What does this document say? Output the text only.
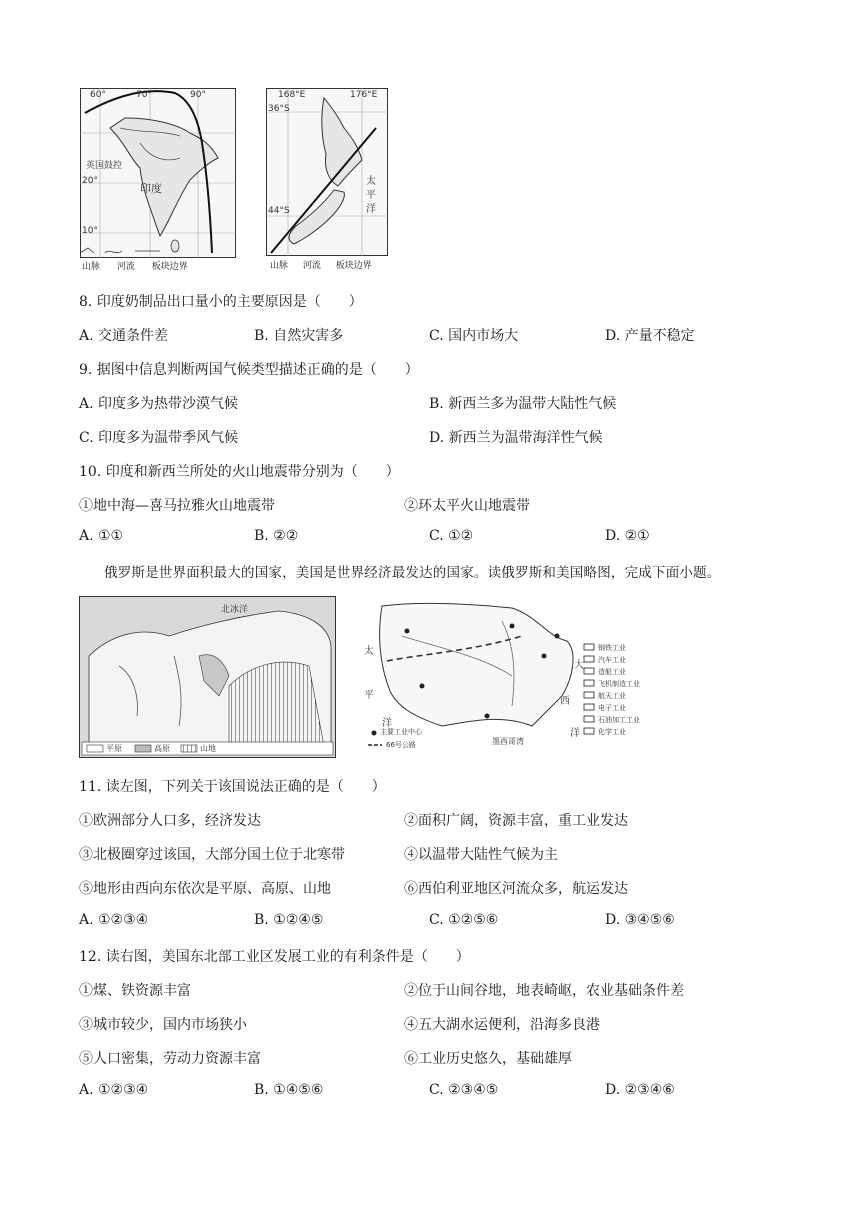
60°	70°	90°
20°
10°
印度
英国鼓控
山脉 河流 板块边界
168°E	176°E
36°S
44°S
太
平
洋
山脉 河流 板块边界
8. 印度奶制品出口量小的主要原因是（　　）
A. 交通条件差	B. 自然灾害多	C. 国内市场大	D. 产量不稳定
9. 据图中信息判断两国气候类型描述正确的是（　　）
A. 印度多为热带沙漠气候	B. 新西兰多为温带大陆性气候
C. 印度多为温带季风气候	D. 新西兰为温带海洋性气候
10. 印度和新西兰所处的火山地震带分别为（　　）
①地中海—喜马拉雅火山地震带	②环太平火山地震带
A. ①①	B. ②②	C. ①②	D. ②①
俄罗斯是世界面积最大的国家，美国是世界经济最发达的国家。读俄罗斯和美国略图，完成下面小题。
北冰洋
平原	高原	山地
太
平
洋
大
西
洋
墨西哥湾
主要工业中心
66号公路
钢铁工业
汽车工业
造船工业
飞机制造工业
航天工业
电子工业
石油加工工业
化学工业
11. 读左图，下列关于该国说法正确的是（　　）
①欧洲部分人口多，经济发达	②面积广阔，资源丰富，重工业发达
③北极圈穿过该国，大部分国土位于北寒带	④以温带大陆性气候为主
⑤地形由西向东依次是平原、高原、山地	⑥西伯利亚地区河流众多，航运发达
A. ①②③④	B. ①②④⑤	C. ①②⑤⑥	D. ③④⑤⑥
12. 读右图，美国东北部工业区发展工业的有利条件是（　　）
①煤、铁资源丰富	②位于山间谷地，地表崎岖，农业基础条件差
③城市较少，国内市场狭小	④五大湖水运便利，沿海多良港
⑤人口密集，劳动力资源丰富	⑥工业历史悠久，基础雄厚
A. ①②③④	B. ①④⑤⑥	C. ②③④⑤	D. ②③④⑥
